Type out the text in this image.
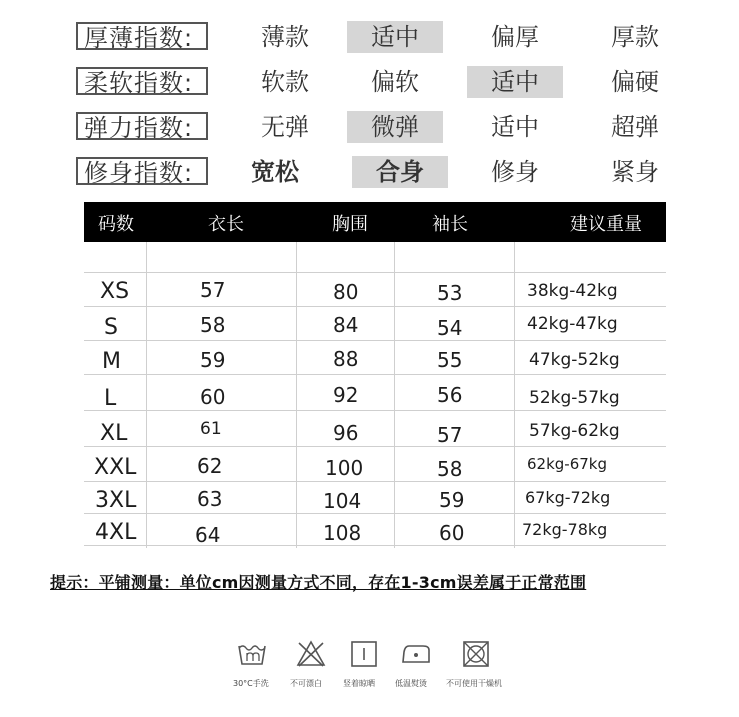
厚薄指数:	薄款	适中	偏厚	厚款
柔软指数:	软款	偏软	适中	偏硬
弹力指数:	无弹	微弹	适中	超弹
修身指数:	宽松	合身	修身	紧身
码数	衣长	胸围	袖长	建议重量
XS	57	80	53	38kg-42kg
S	58	84	54	42kg-47kg
M	59	88	55	47kg-52kg
L	60	92	56	52kg-57kg
XL	61	96	57	57kg-62kg
XXL	62	100	58	62kg-67kg
3XL	63	104	59	67kg-72kg
4XL	64	108	60	72kg-78kg
提示：平铺测量：单位cm因测量方式不同，存在1-3cm误差属于正常范围
30°C手洗	不可漂白	竖着晾晒	低温熨烫 不可使用干燥机
